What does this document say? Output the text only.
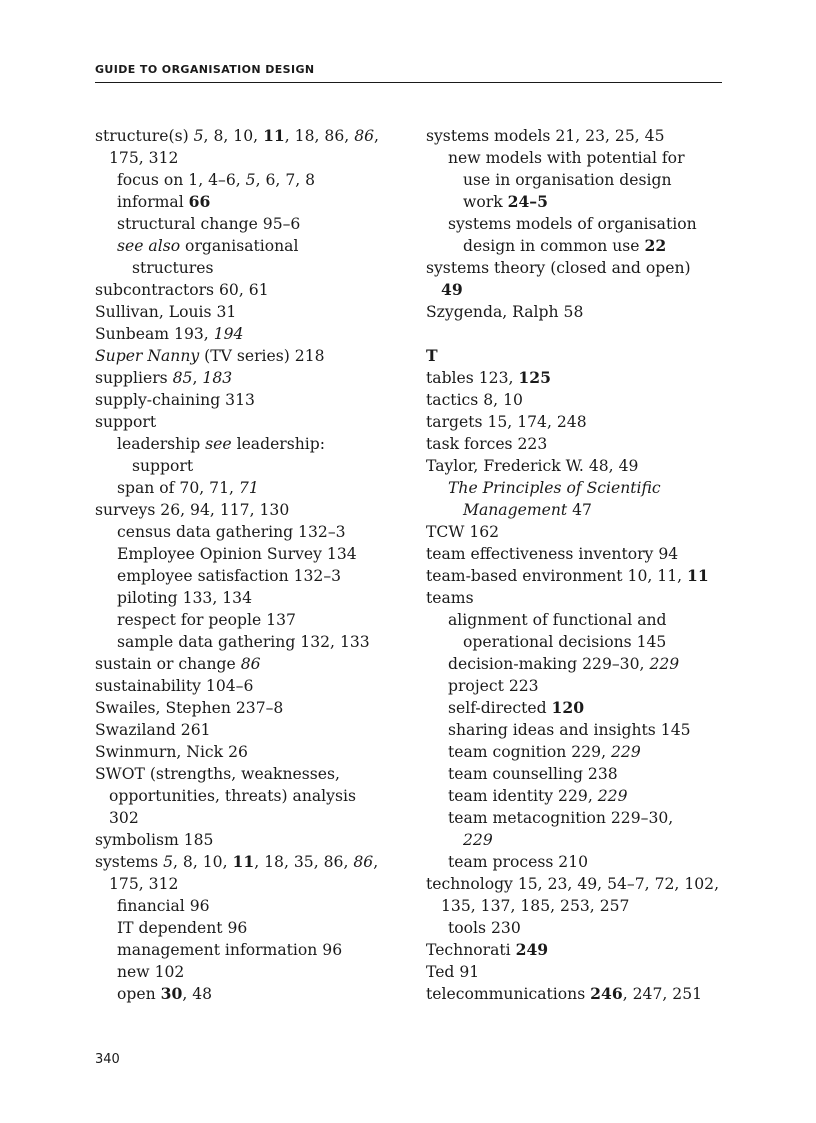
GUIDE TO ORGANISATION DESIGN

structure(s) 5, 8, 10, 11, 18, 86, 86,

175, 312

focus on 1, 4–6, 5, 6, 7, 8

informal 66

structural change 95–6

see also organisational

structures

subcontractors 60, 61

Sullivan, Louis 31

Sunbeam 193, 194

Super Nanny (TV series) 218

suppliers 85, 183

supply-chaining 313

support

leadership see leadership:

support

span of 70, 71, 71

surveys 26, 94, 117, 130

census data gathering 132–3

Employee Opinion Survey 134

employee satisfaction 132–3

piloting 133, 134

respect for people 137

sample data gathering 132, 133

sustain or change 86

sustainability 104–6

Swailes, Stephen 237–8

Swaziland 261

Swinmurn, Nick 26

SWOT (strengths, weaknesses,

opportunities, threats) analysis

302

symbolism 185

systems 5, 8, 10, 11, 18, 35, 86, 86,

175, 312

financial 96

IT dependent 96

management information 96

new 102

open 30, 48

systems models 21, 23, 25, 45

new models with potential for

use in organisation design

work 24–5

systems models of organisation

design in common use 22

systems theory (closed and open)

49

Szygenda, Ralph 58

T

tables 123, 125

tactics 8, 10

targets 15, 174, 248

task forces 223

Taylor, Frederick W. 48, 49

The Principles of Scientific

Management 47

TCW 162

team effectiveness inventory 94

team-based environment 10, 11, 11

teams

alignment of functional and

operational decisions 145

decision-making 229–30, 229

project 223

self-directed 120

sharing ideas and insights 145

team cognition 229, 229

team counselling 238

team identity 229, 229

team metacognition 229–30,

229

team process 210

technology 15, 23, 49, 54–7, 72, 102,

135, 137, 185, 253, 257

tools 230

Technorati 249

Ted 91

telecommunications 246, 247, 251

340
